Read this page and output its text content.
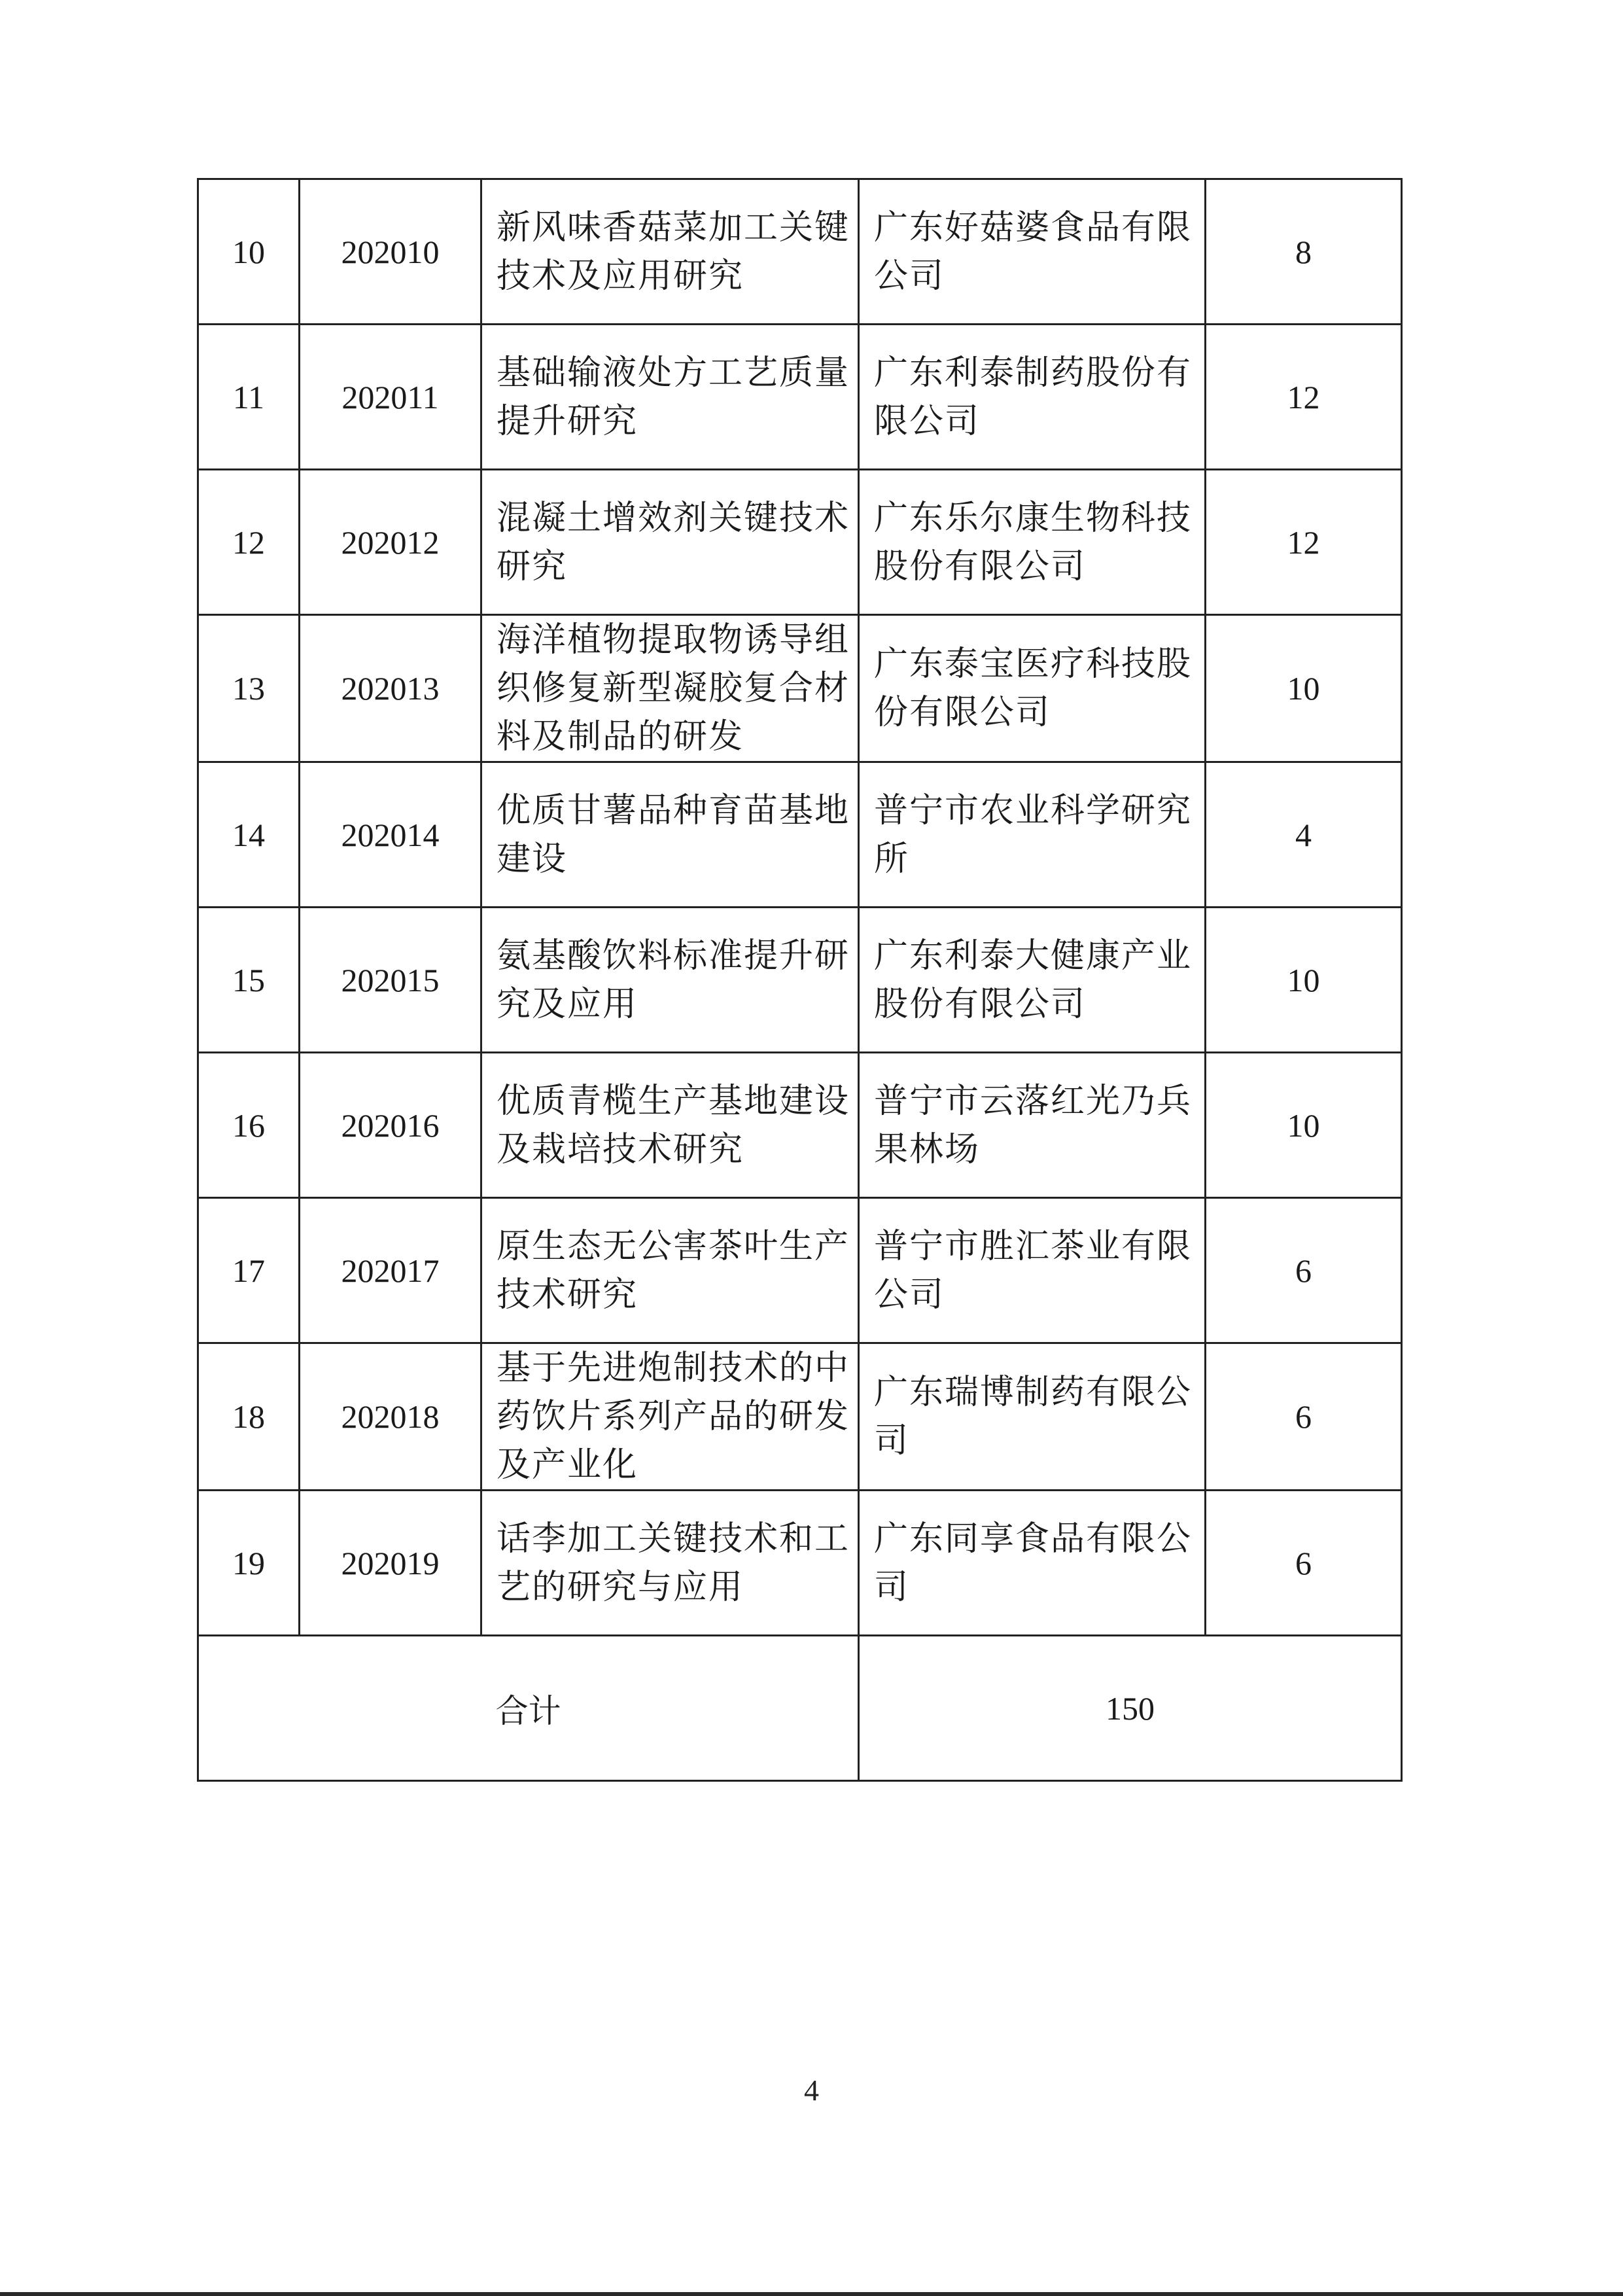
10	202010	新风味香菇菜加工关键技术及应用研究	广东好菇婆食品有限公司	8
11	202011	基础输液处方工艺质量提升研究	广东利泰制药股份有限公司	12
12	202012	混凝土增效剂关键技术研究	广东乐尔康生物科技股份有限公司	12
13	202013	海洋植物提取物诱导组织修复新型凝胶复合材料及制品的研发	广东泰宝医疗科技股份有限公司	10
14	202014	优质甘薯品种育苗基地建设	普宁市农业科学研究所	4
15	202015	氨基酸饮料标准提升研究及应用	广东利泰大健康产业股份有限公司	10
16	202016	优质青榄生产基地建设及栽培技术研究	普宁市云落红光乃兵果林场	10
17	202017	原生态无公害茶叶生产技术研究	普宁市胜汇茶业有限公司	6
18	202018	基于先进炮制技术的中药饮片系列产品的研发及产业化	广东瑞博制药有限公司	6
19	202019	话李加工关键技术和工艺的研究与应用	广东同享食品有限公司	6
合计			150	
4
